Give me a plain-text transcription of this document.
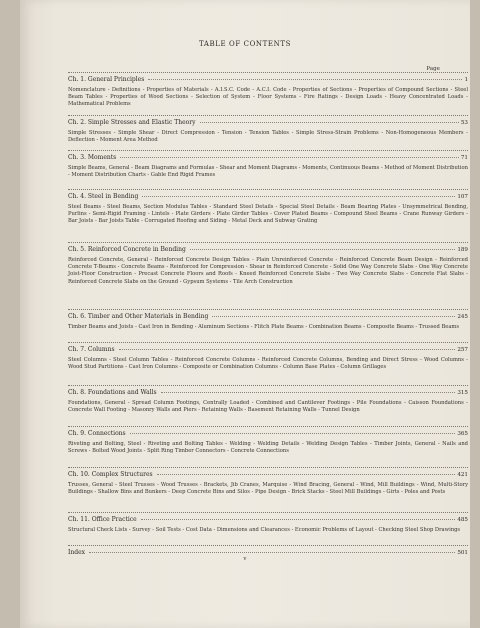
TABLE OF CONTENTS
Page
Ch. 1. General Principles	1
Nomenclature - Definitions - Properties of Materials - A.I.S.C. Code - A.C.I. Code - Properties of Sections - Properties of Compound Sections - Steel Beam Tables - Properties of Wood Sections - Selection of System - Floor Systems - Fire Ratings - Design Loads - Heavy Concentrated Loads - Mathematical Problems
Ch. 2. Simple Stresses and Elastic Theory	53
Simple Stresses - Simple Shear - Direct Compression - Tension - Tension Tables - Simple Stress-Strain Problems - Non-Homogeneous Members - Deflection - Moment Area Method
Ch. 3. Moments	71
Simple Beams, General - Beam Diagrams and Formulas - Shear and Moment Diagrams - Moments, Continuous Beams - Method of Moment Distribution - Moment Distribution Charts - Gable End Rigid Frames
Ch. 4. Steel in Bending	107
Steel Beams - Steel Beams, Section Modulus Tables - Standard Steel Details - Special Steel Details - Beam Bearing Plates - Unsymmetrical Bending, Purlins - Semi-Rigid Framing - Lintels - Plate Girders - Plate Girder Tables - Cover Plated Beams - Compound Steel Beams - Crane Runway Girders - Bar Joists - Bar Joists Table - Corrugated Roofing and Siding - Metal Deck and Subway Grating
Ch. 5. Reinforced Concrete in Bending	189
Reinforced Concrete, General - Reinforced Concrete Design Tables - Plain Unreinforced Concrete - Reinforced Concrete Beam Design - Reinforced Concrete T-Beams - Concrete Beams - Reinforced for Compression - Shear in Reinforced Concrete - Solid One Way Concrete Slabs - One Way Concrete Joist-Floor Construction - Precast Concrete Floors and Roofs - Kneed Reinforced Concrete Slabs - Two Way Concrete Slabs - Concrete Flat Slabs - Reinforced Concrete Slabs on the Ground - Gypsum Systems - Tile Arch Construction
Ch. 6. Timber and Other Materials in Bending	245
Timber Beams and Joists - Cast Iron in Bending - Aluminum Sections - Flitch Plate Beams - Combination Beams - Composite Beams - Trussed Beams
Ch. 7. Columns	257
Steel Columns - Steel Column Tables - Reinforced Concrete Columns - Reinforced Concrete Columns, Bending and Direct Stress - Wood Columns - Wood Stud Partitions - Cast Iron Columns - Composite or Combination Columns - Column Base Plates - Column Grillages
Ch. 8. Foundations and Walls	315
Foundations, General - Spread Column Footings, Centrally Loaded - Combined and Cantilever Footings - Pile Foundations - Caisson Foundations - Concrete Wall Footing - Masonry Walls and Piers - Retaining Walls - Basement Retaining Walls - Tunnel Design
Ch. 9. Connections	365
Riveting and Bolting, Steel - Riveting and Bolting Tables - Welding - Welding Details - Welding Design Tables - Timber Joints, General - Nails and Screws - Bolted Wood Joints - Split Ring Timber Connectors - Concrete Connections
Ch. 10. Complex Structures	421
Trusses, General - Steel Trusses - Wood Trusses - Brackets, Jib Cranes, Marquise - Wind Bracing, General - Wind, Mill Buildings - Wind, Multi-Story Buildings - Shallow Bins and Bunkers - Deep Concrete Bins and Silos - Pipe Design - Brick Stacks - Steel Mill Buildings - Girts - Poles and Posts
Ch. 11. Office Practice	485
Structural Check Lists - Survey - Soil Tests - Cost Data - Dimensions and Clearances - Economic Problems of Layout - Checking Steel Shop Drawings
Index	501
v
